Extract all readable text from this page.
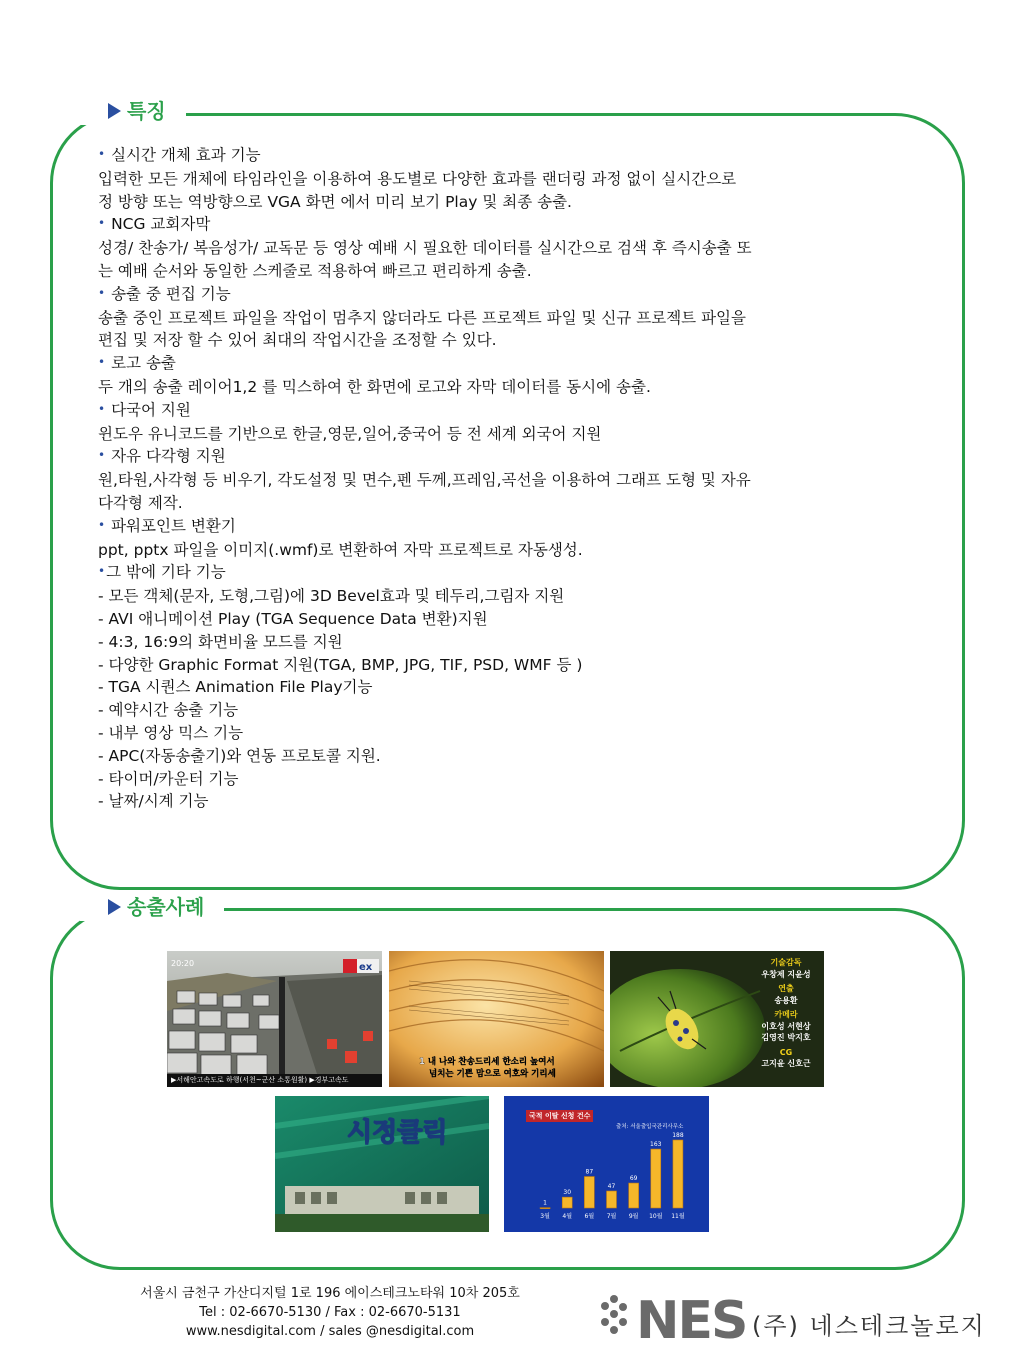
특징
송출사례
• 실시간 개체 효과 기능
입력한 모든 개체에 타임라인을 이용하여 용도별로 다양한 효과를 랜더링 과정 없이 실시간으로
정 방향 또는 역방향으로 VGA 화면 에서 미리 보기 Play 및 최종 송출.
• NCG 교회자막
성경/ 찬송가/ 복음성가/ 교독문 등 영상 예배 시 필요한 데이터를 실시간으로 검색 후 즉시송출 또
는 예배 순서와 동일한 스케줄로 적용하여 빠르고 편리하게 송출.
• 송출 중 편집 기능
송출 중인 프로젝트 파일을 작업이 멈추지 않더라도 다른 프로젝트 파일 및 신규 프로젝트 파일을
편집 및 저장 할 수 있어 최대의 작업시간을 조정할 수 있다.
• 로고 송출
두 개의 송출 레이어1,2 를 믹스하여 한 화면에 로고와 자막 데이터를 동시에 송출.
• 다국어 지원
윈도우 유니코드를 기반으로 한글,영문,일어,중국어 등 전 세계 외국어 지원
• 자유 다각형 지원
원,타원,사각형 등 비우기, 각도설정 및 면수,펜 두께,프레임,곡선을 이용하여 그래프 도형 및 자유
다각형 제작.
• 파워포인트 변환기
ppt, pptx 파일을 이미지(.wmf)로 변환하여 자막 프로젝트로 자동생성.
•그 밖에 기타 기능
- 모든 객체(문자, 도형,그림)에 3D Bevel효과 및 테두리,그림자 지원
- AVI 애니메이션 Play (TGA Sequence Data 변환)지원
- 4:3, 16:9의 화면비율 모드를 지원
- 다양한 Graphic Format 지원(TGA, BMP, JPG, TIF, PSD, WMF 등 )
- TGA 시퀀스 Animation File Play기능
- 예약시간 송출 기능
- 내부 영상 믹스 기능
- APC(자동송출기)와 연동 프로토콜 지원.
- 타이머/카운터 기능
- 날짜/시계 기능
20:20	ex
▶서해안고속도로 하행(서천~군산 소통원활) ▶경부고속도
1 내 나와 찬송드리세 한소리 높여서
넘치는 기쁜 맘으로 여호와 기리세
기술감독
우창제 지윤성
연출
송용환
카메라
이호성 서현상
김영진 박지호
CG
고지윤 신호근
시정클릭
국적 이탈 신청 건수
출처: 서울출입국관리사무소
1
3월
30
4월
87
6월
47
7월
69
9월
163
10월
188
11월
서울시 금천구 가산디지털 1로 196 에이스테크노타워 10차 205호
Tel : 02-6670-5130 / Fax : 02-6670-5131
www.nesdigital.com / sales @nesdigital.com	NES (주) 네스테크놀로지
